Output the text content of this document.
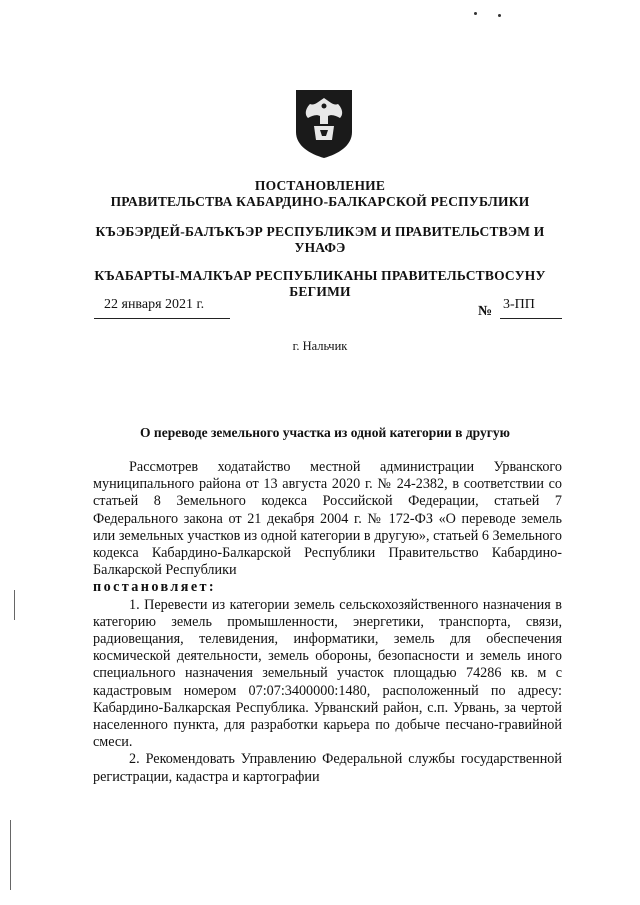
ПОСТАНОВЛЕНИЕ
ПРАВИТЕЛЬСТВА КАБАРДИНО-БАЛКАРСКОЙ РЕСПУБЛИКИ
КЪЭБЭРДЕЙ-БАЛЪКЪЭР РЕСПУБЛИКЭМ И ПРАВИТЕЛЬСТВЭМ И УНАФЭ
КЪАБАРТЫ-МАЛКЪАР РЕСПУБЛИКАНЫ ПРАВИТЕЛЬСТВОСУНУ БЕГИМИ
22 января 2021 г.	№ 3-ПП
г. Нальчик
О переводе земельного участка из одной категории в другую

Рассмотрев ходатайство местной администрации Урванского муниципального района от 13 августа 2020 г. № 24-2382, в соответствии со статьей 8 Земельного кодекса Российской Федерации, статьей 7 Федерального закона от 21 декабря 2004 г. № 172-ФЗ «О переводе земель или земельных участков из одной категории в другую», статьей 6 Земельного кодекса Кабардино-Балкарской Республики Правительство Кабардино-Балкарской Республики

постановляет:

1. Перевести из категории земель сельскохозяйственного назначения в категорию земель промышленности, энергетики, транспорта, связи, радиовещания, телевидения, информатики, земель для обеспечения космической деятельности, земель обороны, безопасности и земель иного специального назначения земельный участок площадью 74286 кв. м с кадастровым номером 07:07:3400000:1480, расположенный по адресу: Кабардино-Балкарская Республика. Урванский район, с.п. Урвань, за чертой населенного пункта, для разработки карьера по добыче песчано-гравийной смеси.

2. Рекомендовать Управлению Федеральной службы государственной регистрации, кадастра и картографии
